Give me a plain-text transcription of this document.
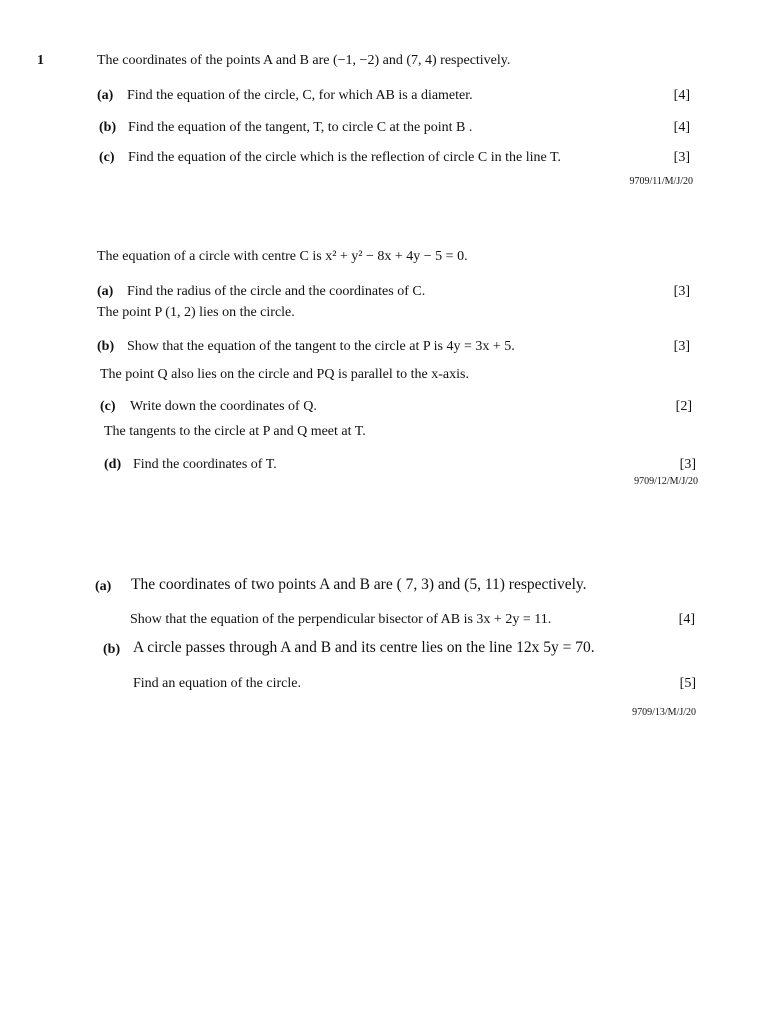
1	The coordinates of the points A and B are (−1, −2) and (7, 4) respectively.
(a) Find the equation of the circle, C, for which AB is a diameter.	[4]
(b) Find the equation of the tangent, T, to circle C at the point B .	[4]
(c) Find the equation of the circle which is the reflection of circle C in the line T.	[3]
9709/11/M/J/20
The equation of a circle with centre C is x² + y² − 8x + 4y − 5 = 0.
(a) Find the radius of the circle and the coordinates of C.	[3]
The point P (1, 2) lies on the circle.
(b) Show that the equation of the tangent to the circle at P is 4y = 3x + 5.	[3]
The point Q also lies on the circle and PQ is parallel to the x-axis.
(c) Write down the coordinates of Q.	[2]
The tangents to the circle at P and Q meet at T.
(d) Find the coordinates of T.	[3]
9709/12/M/J/20
(a) The coordinates of two points A and B are ( 7, 3) and (5, 11) respectively.
Show that the equation of the perpendicular bisector of AB is 3x + 2y = 11.	[4]
(b) A circle passes through A and B and its centre lies on the line 12x 5y = 70.
Find an equation of the circle.	[5]
9709/13/M/J/20
